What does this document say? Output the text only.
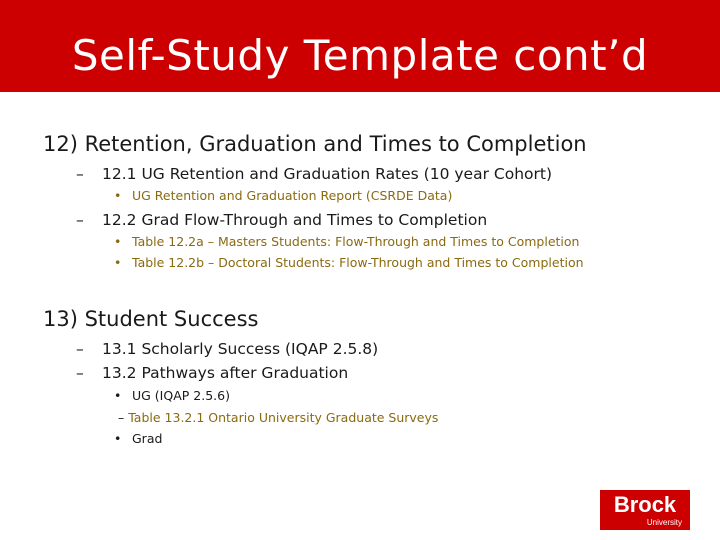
Self-Study Template cont’d
12) Retention, Graduation and Times to Completion
– 12.1 UG Retention and Graduation Rates (10 year Cohort)
• UG Retention and Graduation Report (CSRDE Data)
– 12.2 Grad Flow-Through and Times to Completion
• Table 12.2a – Masters Students: Flow-Through and Times to Completion
• Table 12.2b – Doctoral Students: Flow-Through and Times to Completion
13) Student Success
– 13.1 Scholarly Success (IQAP 2.5.8)
– 13.2 Pathways after Graduation
• UG (IQAP 2.5.6)
– Table 13.2.1 Ontario University Graduate Surveys
• Grad
Brock
University
